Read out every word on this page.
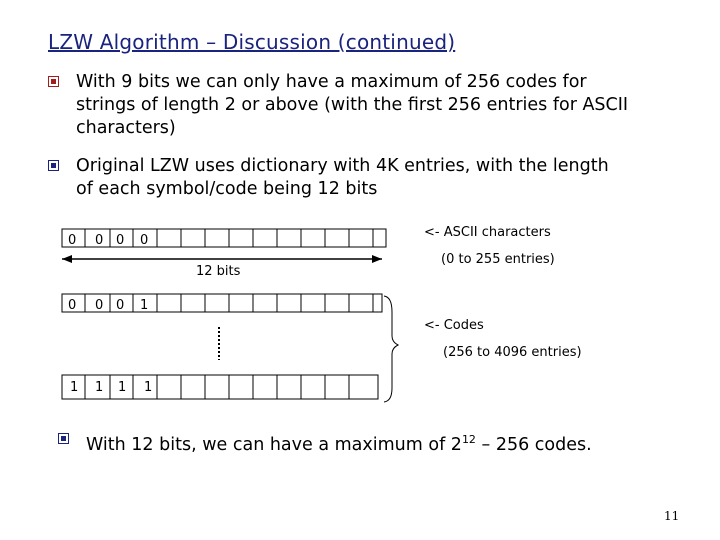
LZW Algorithm – Discussion (continued)
With 9 bits we can only have a maximum of 256 codes for strings of length 2 or above (with the first 256 entries for ASCII characters)
Original LZW uses dictionary with 4K entries, with the length of each symbol/code being 12 bits
0 0 0 0
12 bits
0 0 0 1
1 1 1 1
<- ASCII characters
(0 to 255 entries)
<- Codes
(256 to 4096 entries)
With 12 bits, we can have a maximum of $2^{12} - 256$ codes.
11
